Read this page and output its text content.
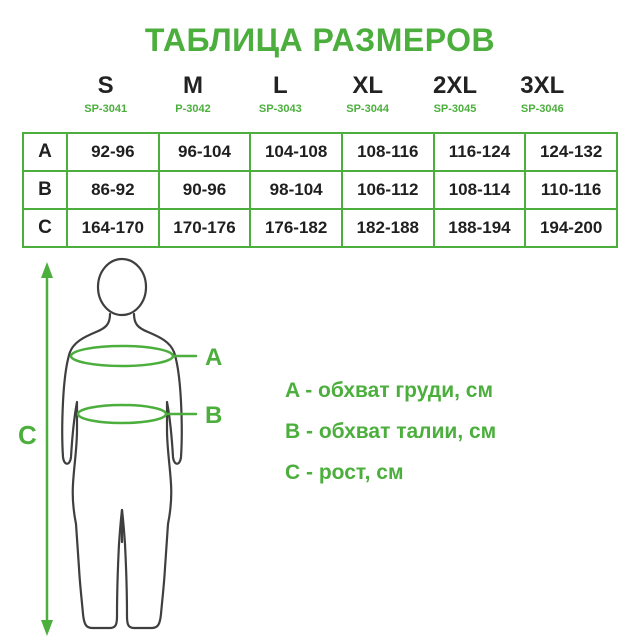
ТАБЛИЦА РАЗМЕРОВ
S
SP-3041
M
P-3042
L
SP-3043
XL
SP-3044
2XL
SP-3045
3XL
SP-3046
A	92-96	96-104	104-108	108-116	116-124	124-132
B	86-92	90-96	98-104	106-112	108-114	110-116
C	164-170	170-176	176-182	182-188	188-194	194-200
A
B
C
A - обхват груди, см
B - обхват талии, см
C - рост, см
